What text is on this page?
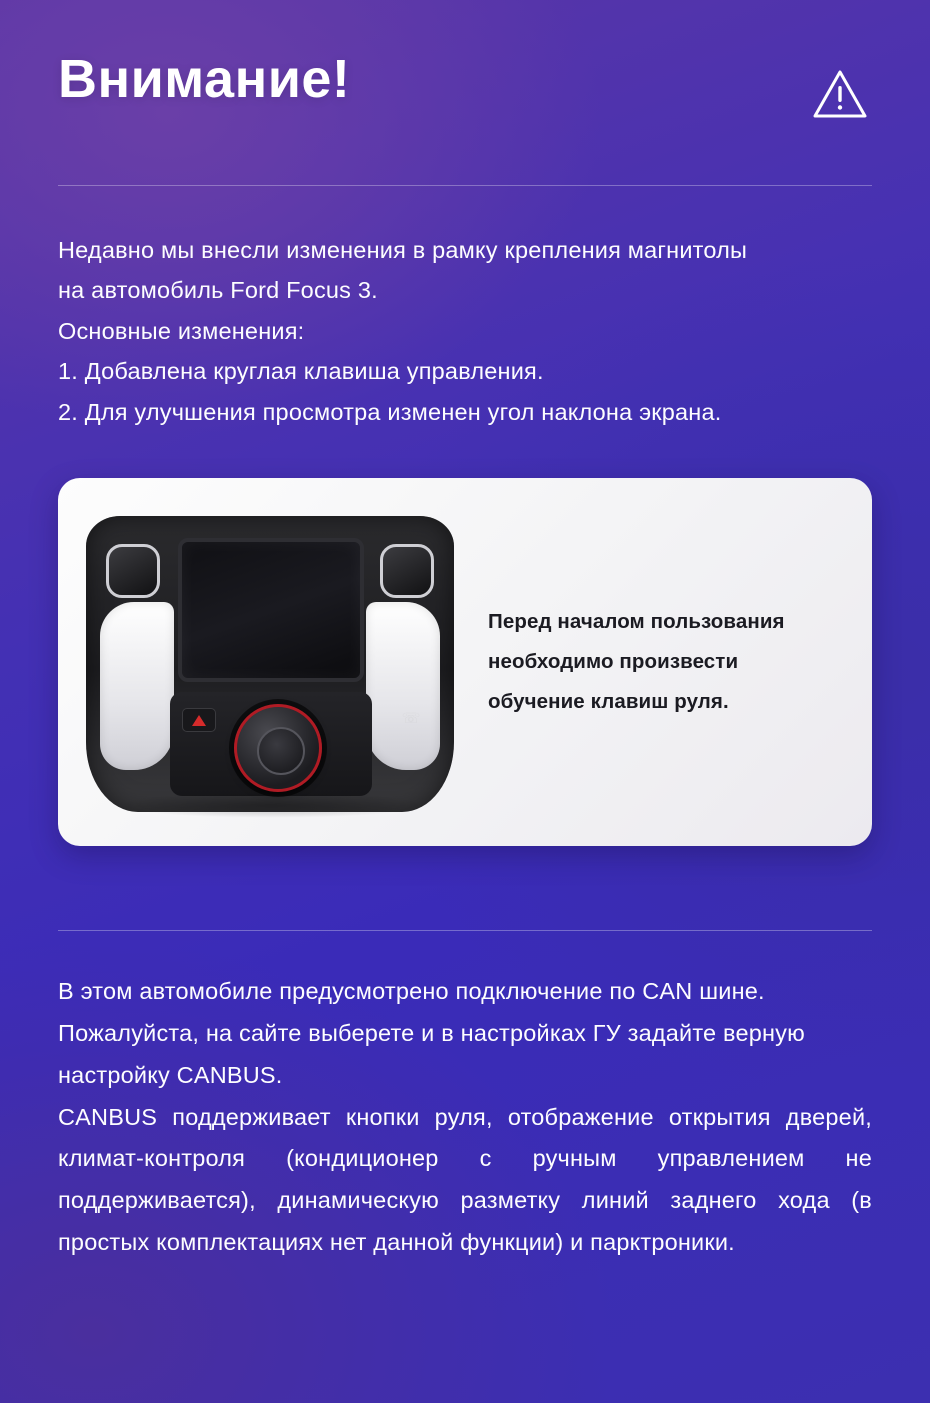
Внимание!

Недавно мы внесли изменения в рамку крепления магнитолы

на автомобиль Ford Focus 3.

Основные изменения:

1. Добавлена круглая клавиша управления.

2. Для улучшения просмотра изменен угол наклона экрана.

☏

Перед началом пользования

необходимо произвести

обучение клавиш руля.

В этом автомобиле предусмотрено подключение по CAN шине. Пожалуйста, на сайте выберете и в настройках ГУ задайте верную настройку CANBUS.

CANBUS поддерживает кнопки руля, отображение открытия дверей, климат-контроля (кондиционер с ручным управлением не поддерживается), динамическую разметку линий заднего хода (в простых комплектациях нет данной функции) и парктроники.
